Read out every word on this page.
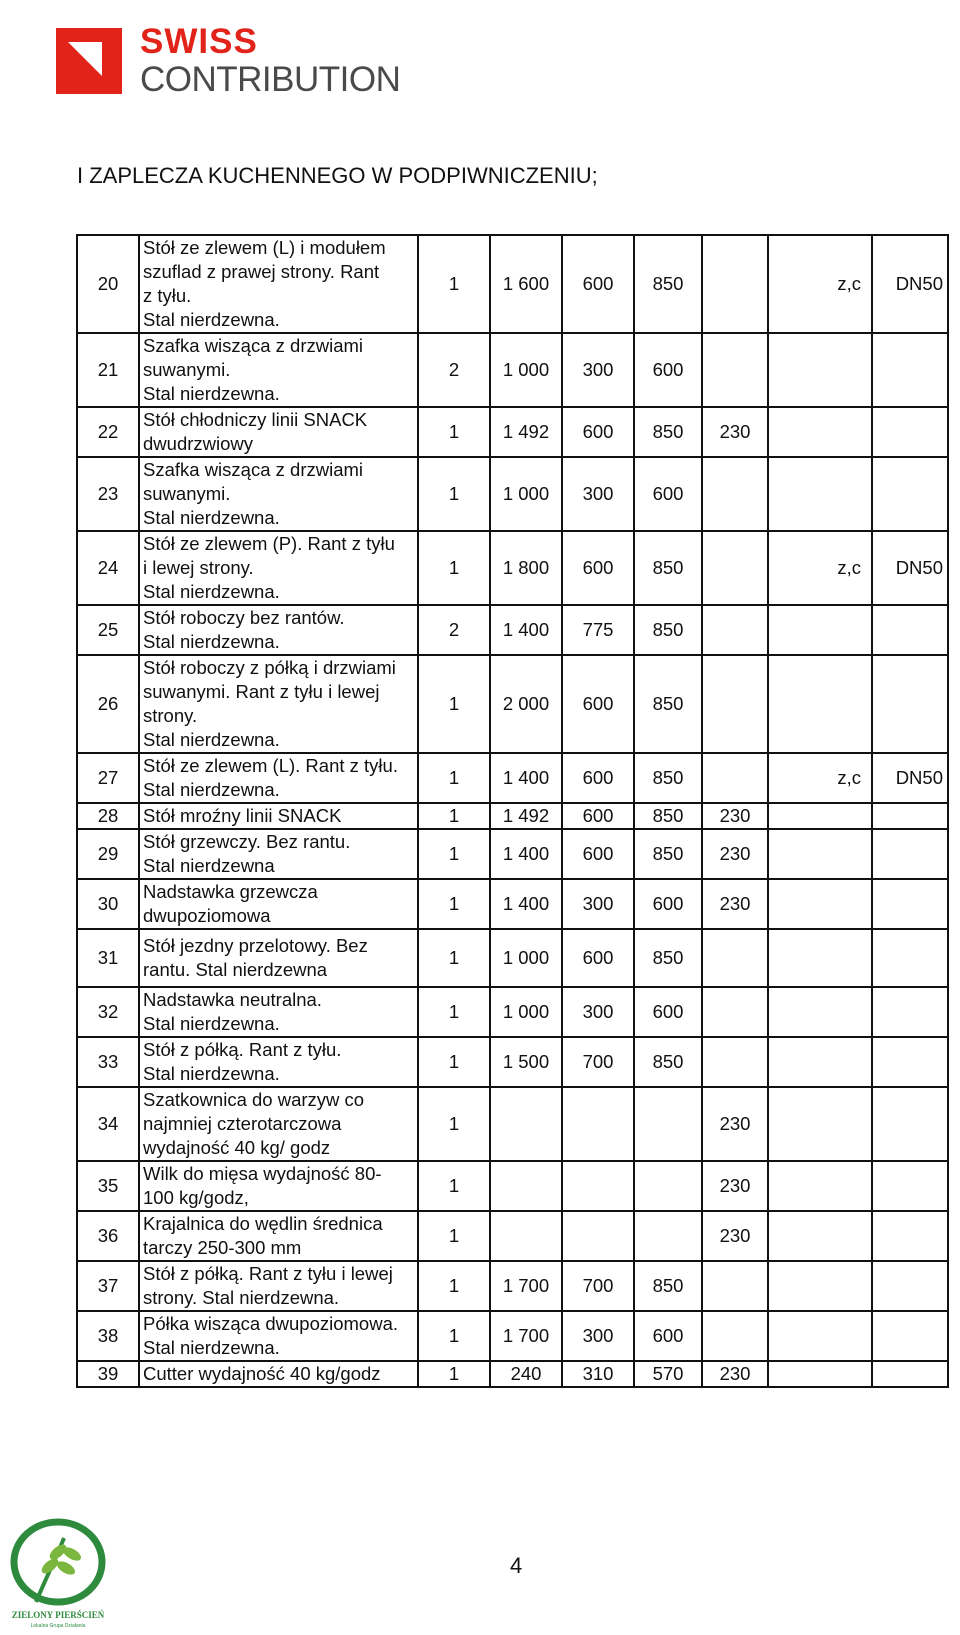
SWISS
CONTRIBUTION
I ZAPLECZA KUCHENNEGO W PODPIWNICZENIU;
20	Stół ze zlewem (L) i modułem
szuflad z prawej strony. Rant
z tyłu.
Stal nierdzewna.	1	1 600	600	850		z,c	DN50
21	Szafka wisząca z drzwiami
suwanymi.
Stal nierdzewna.	2	1 000	300	600			
22	Stół chłodniczy linii SNACK
dwudrzwiowy	1	1 492	600	850	230		
23	Szafka wisząca z drzwiami
suwanymi.
Stal nierdzewna.	1	1 000	300	600			
24	Stół ze zlewem (P). Rant z tyłu
i lewej strony.
Stal nierdzewna.	1	1 800	600	850		z,c	DN50
25	Stół roboczy bez rantów.
Stal nierdzewna.	2	1 400	775	850			
26	Stół roboczy z półką i drzwiami
suwanymi. Rant z tyłu i lewej
strony.
Stal nierdzewna.	1	2 000	600	850			
27	Stół ze zlewem (L). Rant z tyłu.
Stal nierdzewna.	1	1 400	600	850		z,c	DN50
28	Stół mroźny linii SNACK	1	1 492	600	850	230		
29	Stół grzewczy. Bez rantu.
Stal nierdzewna	1	1 400	600	850	230		
30	Nadstawka grzewcza
dwupoziomowa	1	1 400	300	600	230		
31	Stół jezdny przelotowy. Bez
rantu. Stal nierdzewna	1	1 000	600	850			
32	Nadstawka neutralna.
Stal nierdzewna.	1	1 000	300	600			
33	Stół z półką. Rant z tyłu.
Stal nierdzewna.	1	1 500	700	850			
34	Szatkownica do warzyw co
najmniej czterotarczowa
wydajność 40 kg/ godz	1				230		
35	Wilk do mięsa wydajność 80-
100 kg/godz,	1				230		
36	Krajalnica do wędlin średnica
tarczy 250-300 mm	1				230		
37	Stół z półką. Rant z tyłu i lewej
strony. Stal nierdzewna.	1	1 700	700	850			
38	Półka wisząca dwupoziomowa.
Stal nierdzewna.	1	1 700	300	600			
39	Cutter wydajność 40 kg/godz	1	240	310	570	230		
ZIELONY PIERŚCIEŃ
Lokalna Grupa Działania
4
